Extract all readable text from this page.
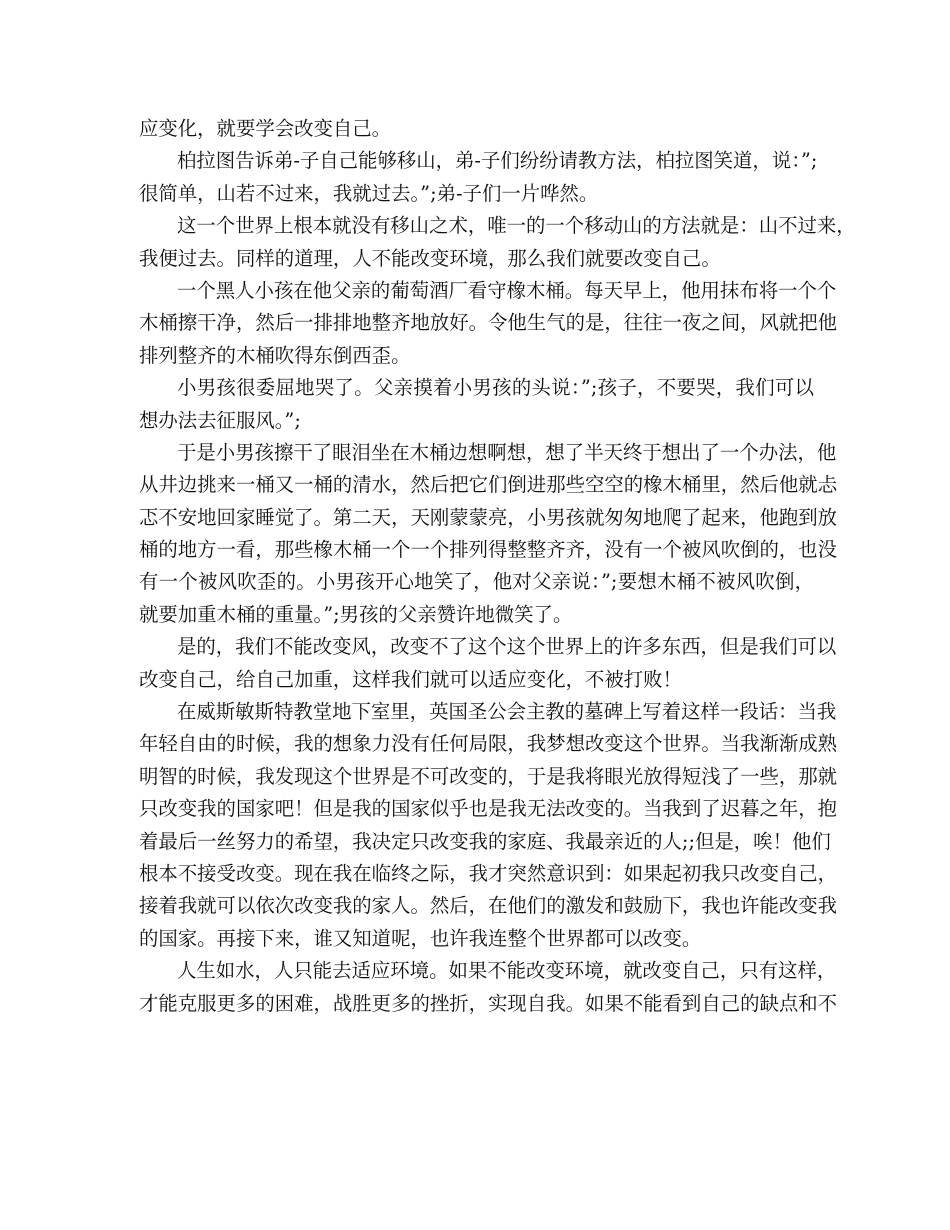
应变化，就要学会改变自己。
柏拉图告诉弟-子自己能够移山，弟-子们纷纷请教方法，柏拉图笑道，说：”;
很简单，山若不过来，我就过去。”;弟-子们一片哗然。
这一个世界上根本就没有移山之术，唯一的一个移动山的方法就是：山不过来，
我便过去。同样的道理，人不能改变环境，那么我们就要改变自己。
一个黑人小孩在他父亲的葡萄酒厂看守橡木桶。每天早上，他用抹布将一个个
木桶擦干净，然后一排排地整齐地放好。令他生气的是，往往一夜之间，风就把他
排列整齐的木桶吹得东倒西歪。
小男孩很委屈地哭了。父亲摸着小男孩的头说：”;孩子，不要哭，我们可以
想办法去征服风。”;
于是小男孩擦干了眼泪坐在木桶边想啊想，想了半天终于想出了一个办法，他
从井边挑来一桶又一桶的清水，然后把它们倒进那些空空的橡木桶里，然后他就忐
忑不安地回家睡觉了。第二天，天刚蒙蒙亮，小男孩就匆匆地爬了起来，他跑到放
桶的地方一看，那些橡木桶一个一个排列得整整齐齐，没有一个被风吹倒的，也没
有一个被风吹歪的。小男孩开心地笑了，他对父亲说：”;要想木桶不被风吹倒，
就要加重木桶的重量。”;男孩的父亲赞许地微笑了。
是的，我们不能改变风，改变不了这个这个世界上的许多东西，但是我们可以
改变自己，给自己加重，这样我们就可以适应变化，不被打败！
在威斯敏斯特教堂地下室里，英国圣公会主教的墓碑上写着这样一段话：当我
年轻自由的时候，我的想象力没有任何局限，我梦想改变这个世界。当我渐渐成熟
明智的时候，我发现这个世界是不可改变的，于是我将眼光放得短浅了一些，那就
只改变我的国家吧！但是我的国家似乎也是我无法改变的。当我到了迟暮之年，抱
着最后一丝努力的希望，我决定只改变我的家庭、我最亲近的人;;但是，唉！他们
根本不接受改变。现在我在临终之际，我才突然意识到：如果起初我只改变自己，
接着我就可以依次改变我的家人。然后，在他们的激发和鼓励下，我也许能改变我
的国家。再接下来，谁又知道呢，也许我连整个世界都可以改变。
人生如水，人只能去适应环境。如果不能改变环境，就改变自己，只有这样，
才能克服更多的困难，战胜更多的挫折，实现自我。如果不能看到自己的缺点和不
